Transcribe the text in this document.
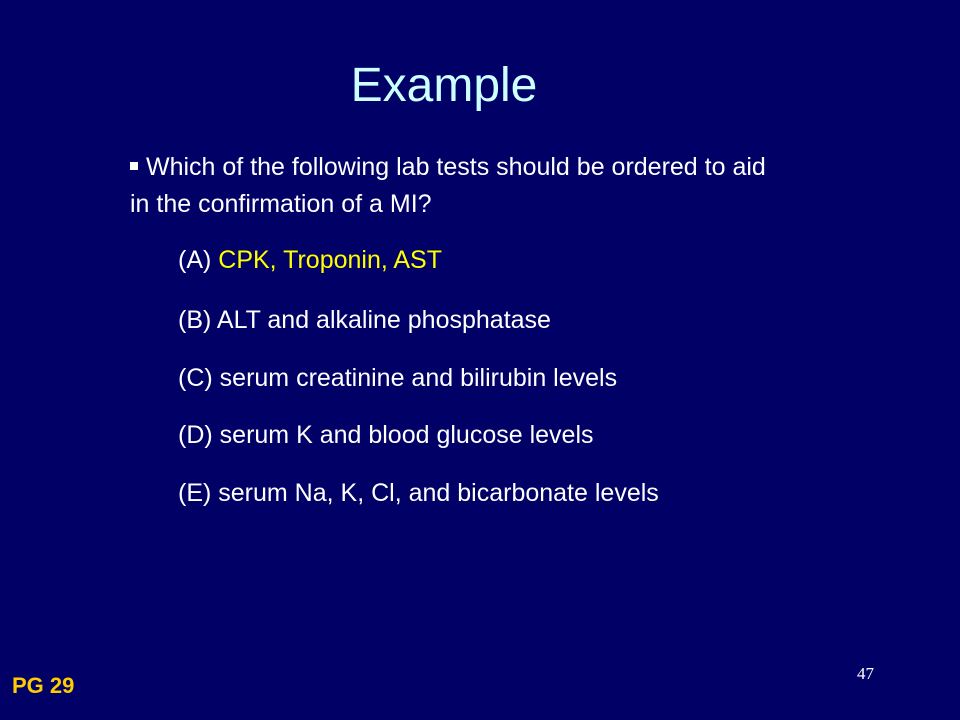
Example
Which of the following lab tests should be ordered to aid in the confirmation of a MI?
(A) CPK, Troponin, AST
(B) ALT and alkaline phosphatase
(C) serum creatinine and bilirubin levels
(D) serum K and blood glucose levels
(E) serum Na, K, Cl, and bicarbonate levels
PG 29	47
